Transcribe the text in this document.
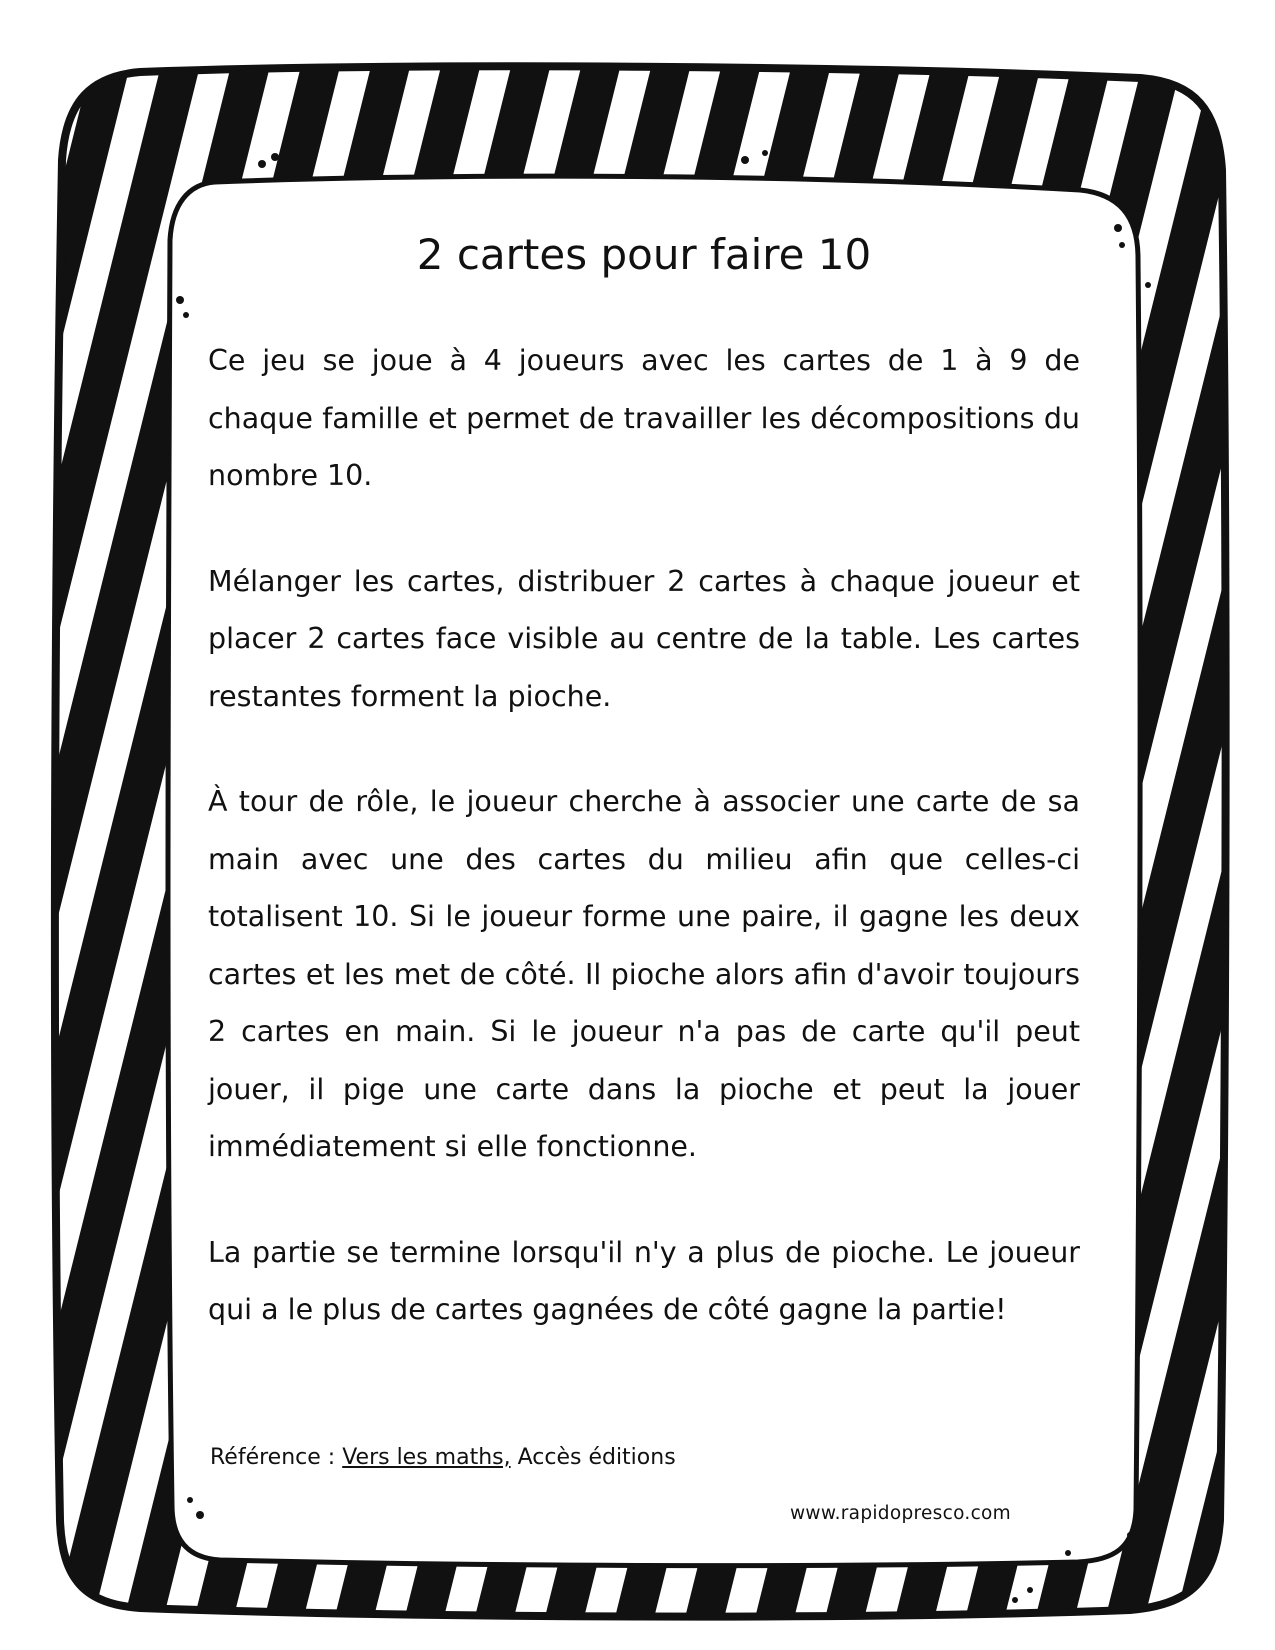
2 cartes pour faire 10

Ce jeu se joue à 4 joueurs avec les cartes de 1 à 9 de chaque famille et permet de travailler les décompositions du nombre 10.

Mélanger les cartes, distribuer 2 cartes à chaque joueur et placer 2 cartes face visible au centre de la table. Les cartes restantes forment la pioche.

À tour de rôle, le joueur cherche à associer une carte de sa main avec une des cartes du milieu afin que celles-ci totalisent 10. Si le joueur forme une paire, il gagne les deux cartes et les met de côté. Il pioche alors afin d'avoir toujours 2 cartes en main. Si le joueur n'a pas de carte qu'il peut jouer, il pige une carte dans la pioche et peut la jouer immédiatement si elle fonctionne.

La partie se termine lorsqu'il n'y a plus de pioche. Le joueur qui a le plus de cartes gagnées de côté gagne la partie!

Référence : Vers les maths, Accès éditions
www.rapidopresco.com
